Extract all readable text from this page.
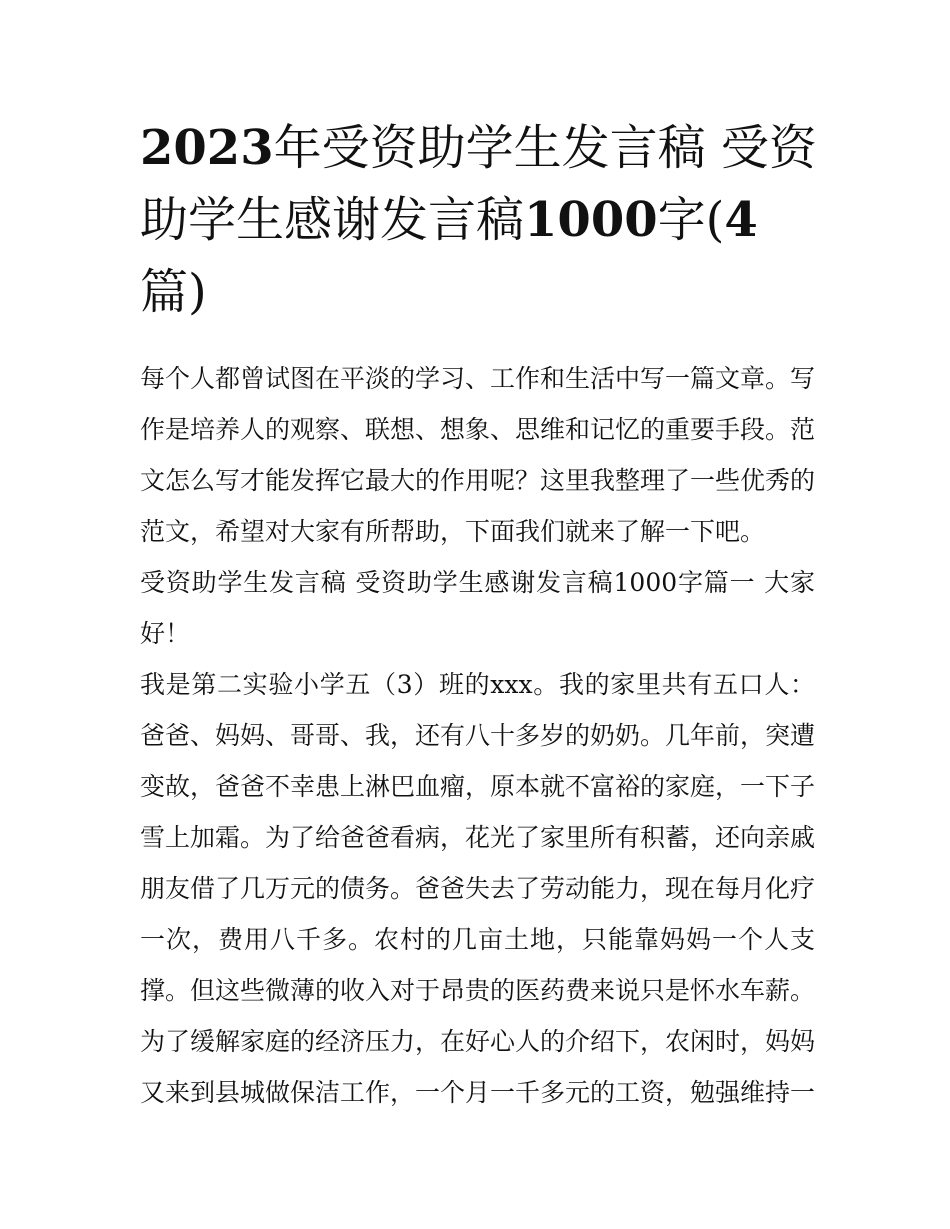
2023年受资助学生发言稿 受资助学生感谢发言稿1000字(4篇)

每个人都曾试图在平淡的学习、工作和生活中写一篇文章。写作是培养人的观察、联想、想象、思维和记忆的重要手段。范文怎么写才能发挥它最大的作用呢？这里我整理了一些优秀的范文，希望对大家有所帮助，下面我们就来了解一下吧。

受资助学生发言稿 受资助学生感谢发言稿1000字篇一 大家好！

我是第二实验小学五（3）班的xxx。我的家里共有五口人：爸爸、妈妈、哥哥、我，还有八十多岁的奶奶。几年前，突遭变故，爸爸不幸患上淋巴血瘤，原本就不富裕的家庭，一下子雪上加霜。为了给爸爸看病，花光了家里所有积蓄，还向亲戚朋友借了几万元的债务。爸爸失去了劳动能力，现在每月化疗一次，费用八千多。农村的几亩土地，只能靠妈妈一个人支撑。但这些微薄的收入对于昂贵的医药费来说只是怀水车薪。为了缓解家庭的经济压力，在好心人的介绍下，农闲时，妈妈又来到县城做保洁工作，一个月一千多元的工资，勉强维持一
